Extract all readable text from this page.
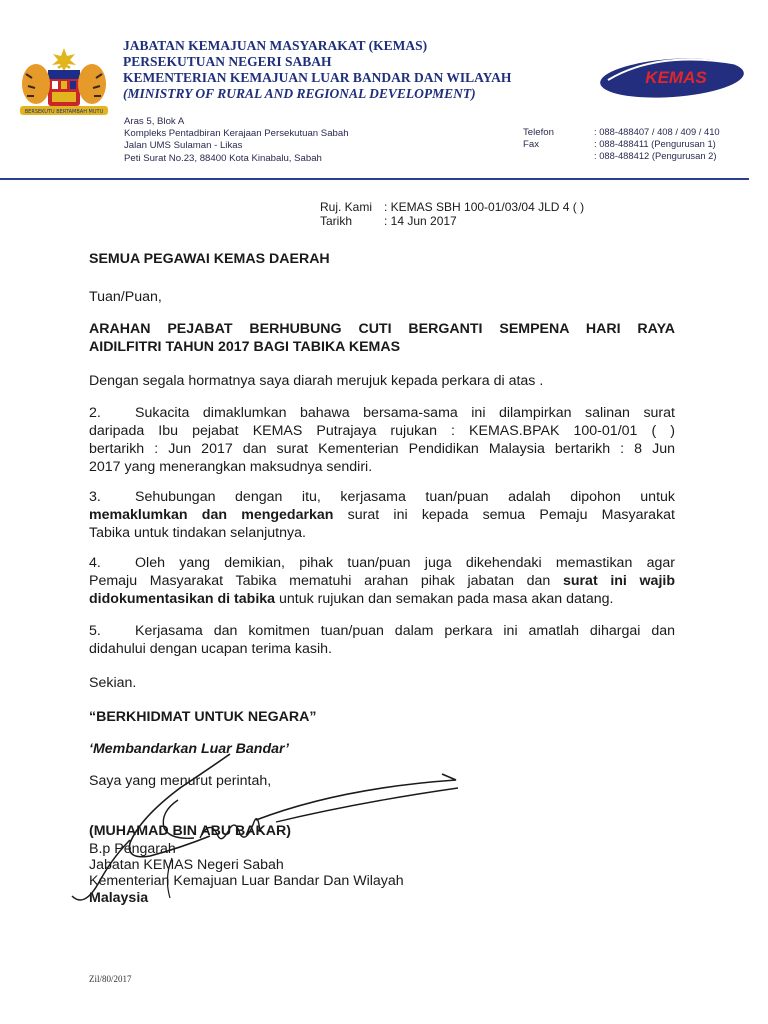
BERSEKUTU BERTAMBAH MUTU
JABATAN KEMAJUAN MASYARAKAT (KEMAS)
PERSEKUTUAN NEGERI SABAH
KEMENTERIAN KEMAJUAN LUAR BANDAR DAN WILAYAH
(MINISTRY OF RURAL AND REGIONAL DEVELOPMENT)
KEMAS
Aras 5, Blok A
Kompleks Pentadbiran Kerajaan Persekutuan Sabah
Jalan UMS Sulaman - Likas
Peti Surat No.23, 88400 Kota Kinabalu, Sabah
Telefon
Fax
: 088-488407 / 408 / 409 / 410
: 088-488411 (Pengurusan 1)
: 088-488412 (Pengurusan 2)
Ruj. Kami : KEMAS SBH 100-01/03/04 JLD 4 ( )
Tarikh	: 14 Jun 2017
SEMUA PEGAWAI KEMAS DAERAH
Tuan/Puan,
ARAHAN PEJABAT BERHUBUNG CUTI BERGANTI SEMPENA HARI RAYA
AIDILFITRI TAHUN 2017 BAGI TABIKA KEMAS
Dengan segala hormatnya saya diarah merujuk kepada perkara di atas .
2. Sukacita dimaklumkan bahawa bersama-sama ini dilampirkan salinan surat
daripada Ibu pejabat KEMAS Putrajaya rujukan : KEMAS.BPAK 100-01/01 ( )
bertarikh : Jun 2017 dan surat Kementerian Pendidikan Malaysia bertarikh : 8 Jun
2017 yang menerangkan maksudnya sendiri.
3. Sehubungan dengan itu, kerjasama tuan/puan adalah dipohon untuk
memaklumkan dan mengedarkan surat ini kepada semua Pemaju Masyarakat
Tabika untuk tindakan selanjutnya.
4. Oleh yang demikian, pihak tuan/puan juga dikehendaki memastikan agar
Pemaju Masyarakat Tabika mematuhi arahan pihak jabatan dan surat ini wajib
didokumentasikan di tabika untuk rujukan dan semakan pada masa akan datang.
5. Kerjasama dan komitmen tuan/puan dalam perkara ini amatlah dihargai dan
didahului dengan ucapan terima kasih.
Sekian.
“BERKHIDMAT UNTUK NEGARA”
‘Membandarkan Luar Bandar’
Saya yang menurut perintah,
(MUHAMAD BIN ABU BAKAR)
B.p Pengarah
Jabatan KEMAS Negeri Sabah
Kementerian Kemajuan Luar Bandar Dan Wilayah
Malaysia
Zil/80/2017
